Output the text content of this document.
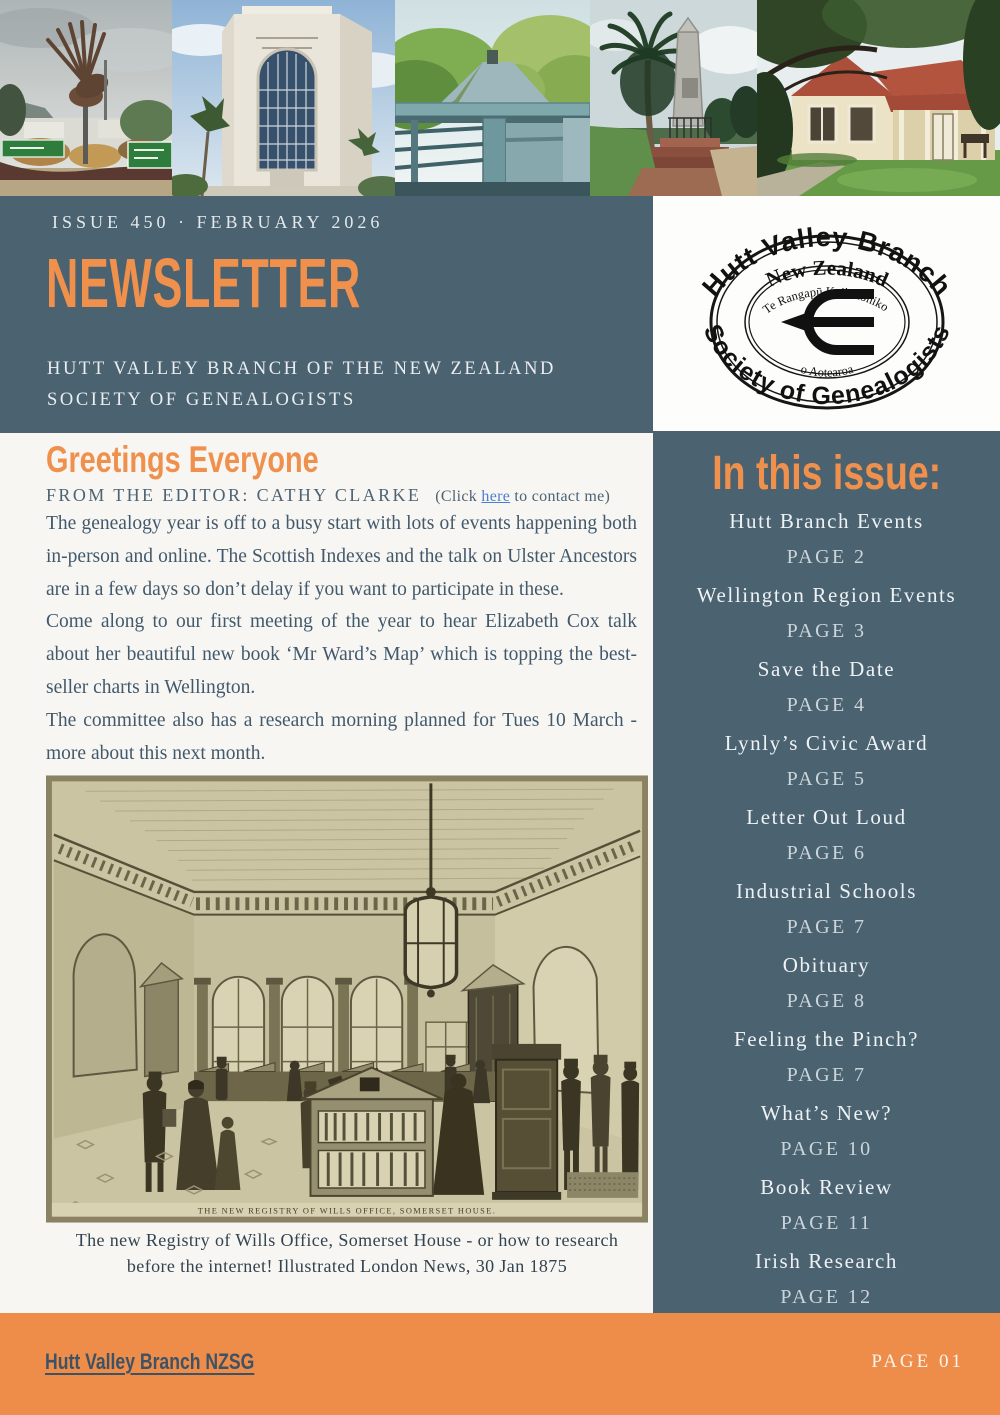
ISSUE 450 · FEBRUARY 2026
NEWSLETTER
HUTT VALLEY BRANCH OF THE NEW ZEALAND
SOCIETY OF GENEALOGISTS
Hutt Valley Branch
New Zealand
Te Rangapū Kaihikohiko
o Aotearoa
Society of Genealogists
Greetings Everyone
FROM THE EDITOR: CATHY CLARKE (Click here to contact me)

The genealogy year is off to a busy start with lots of events happening both in-person and online. The Scottish Indexes and the talk on Ulster Ancestors are in a few days so don’t delay if you want to participate in these.

Come along to our first meeting of the year to hear Elizabeth Cox talk about her beautiful new book ‘Mr Ward’s Map’ which is topping the best-seller charts in Wellington.

The committee also has a research morning planned for Tues 10 March - more about this next month.

THE NEW REGISTRY OF WILLS OFFICE, SOMERSET HOUSE.
The new Registry of Wills Office, Somerset House - or how to research
before the internet! Illustrated London News, 30 Jan 1875
In this issue:
Hutt Branch Events
PAGE 2
Wellington Region Events
PAGE 3
Save the Date
PAGE 4
Lynly’s Civic Award
PAGE 5
Letter Out Loud
PAGE 6
Industrial Schools
PAGE 7
Obituary
PAGE 8
Feeling the Pinch?
PAGE 7
What’s New?
PAGE 10
Book Review
PAGE 11
Irish Research
PAGE 12
Hutt Valley Branch NZSG	PAGE 01
